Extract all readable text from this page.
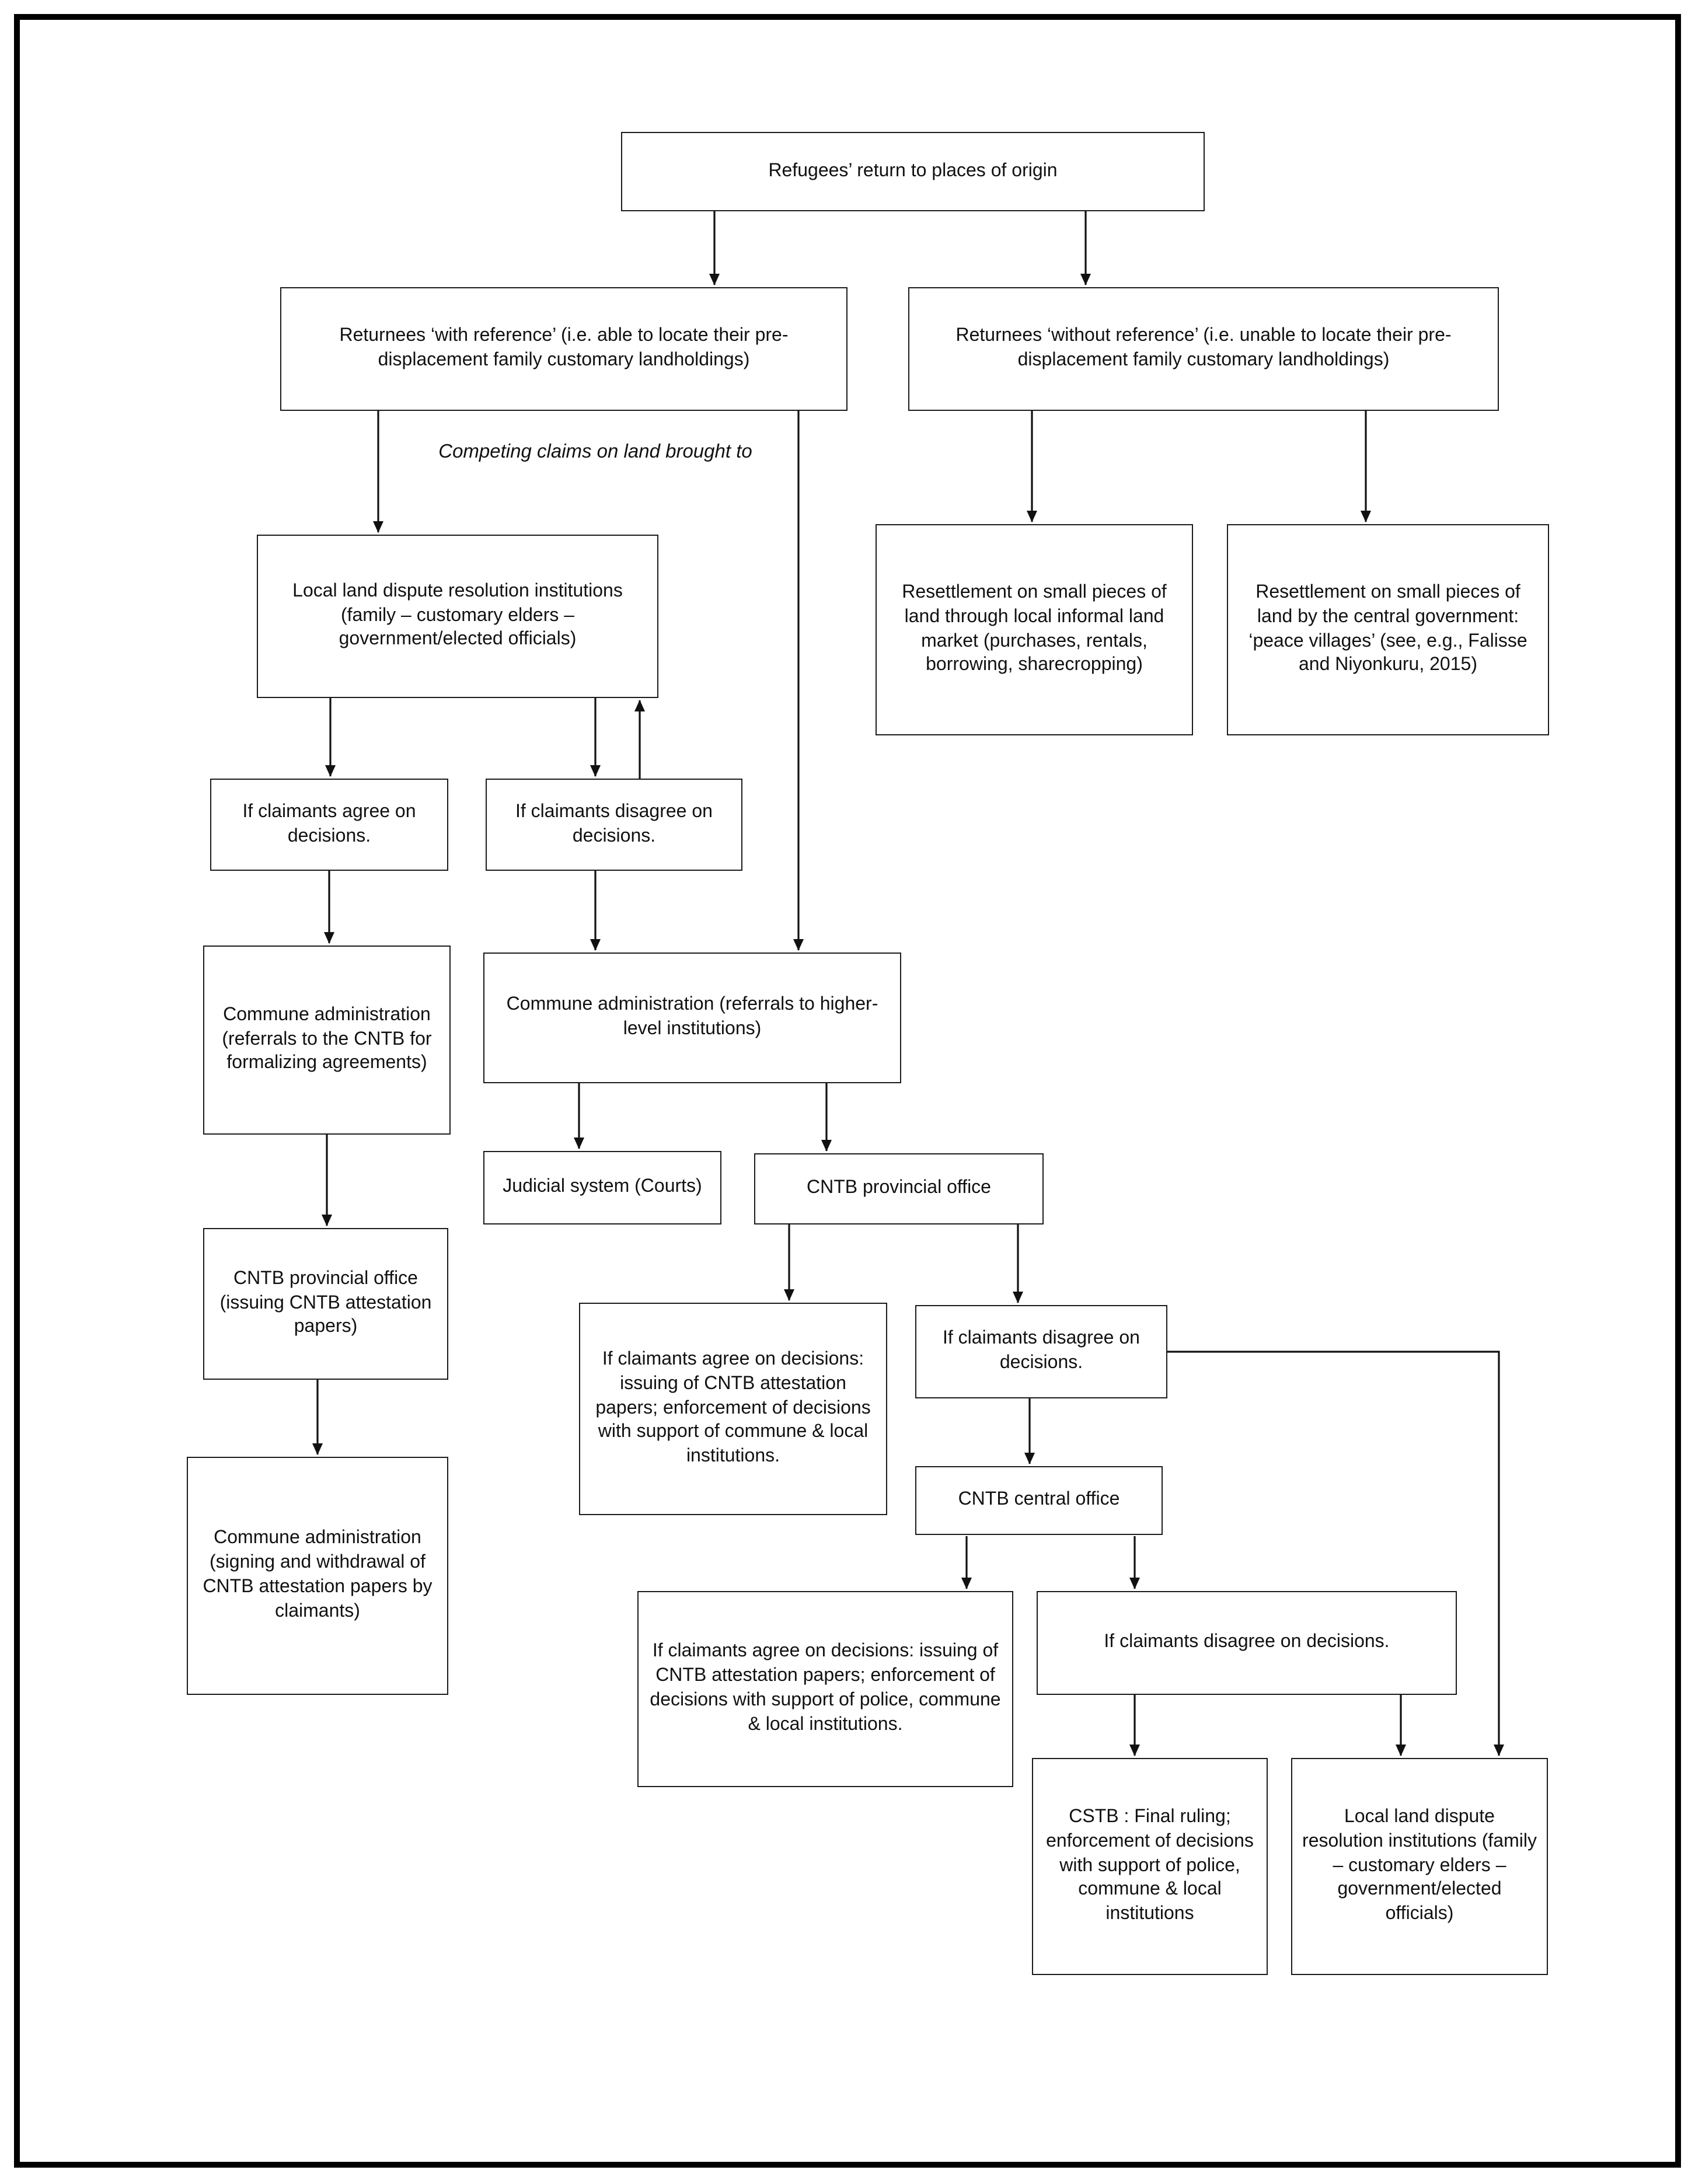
Refugees’ return to places of origin
Returnees ‘with reference’ (i.e. able to locate their pre-displacement family customary landholdings)
Returnees ‘without reference’ (i.e. unable to locate their pre-displacement family customary landholdings)
Competing claims on land brought to
Local land dispute resolution institutions (family – customary elders – government/elected officials)
Resettlement on small pieces of land through local informal land market (purchases, rentals, borrowing, sharecropping)
Resettlement on small pieces of land by the central government: ‘peace villages’ (see, e.g., Falisse and Niyonkuru, 2015)
If claimants agree on decisions.
If claimants disagree on decisions.
Commune administration (referrals to the CNTB for formalizing agreements)
Commune administration (referrals to higher-level institutions)
Judicial system (Courts)	CNTB provincial office
CNTB provincial office (issuing CNTB attestation papers)
Commune administration (signing and withdrawal of CNTB attestation papers by claimants)
If claimants agree on decisions: issuing of CNTB attestation papers; enforcement of decisions with support of commune & local institutions.
If claimants disagree on decisions.
CNTB central office
If claimants agree on decisions: issuing of CNTB attestation papers; enforcement of decisions with support of police, commune & local institutions.
If claimants disagree on decisions.
CSTB : Final ruling; enforcement of decisions with support of police, commune & local institutions
Local land dispute resolution institutions (family – customary elders – government/elected officials)
